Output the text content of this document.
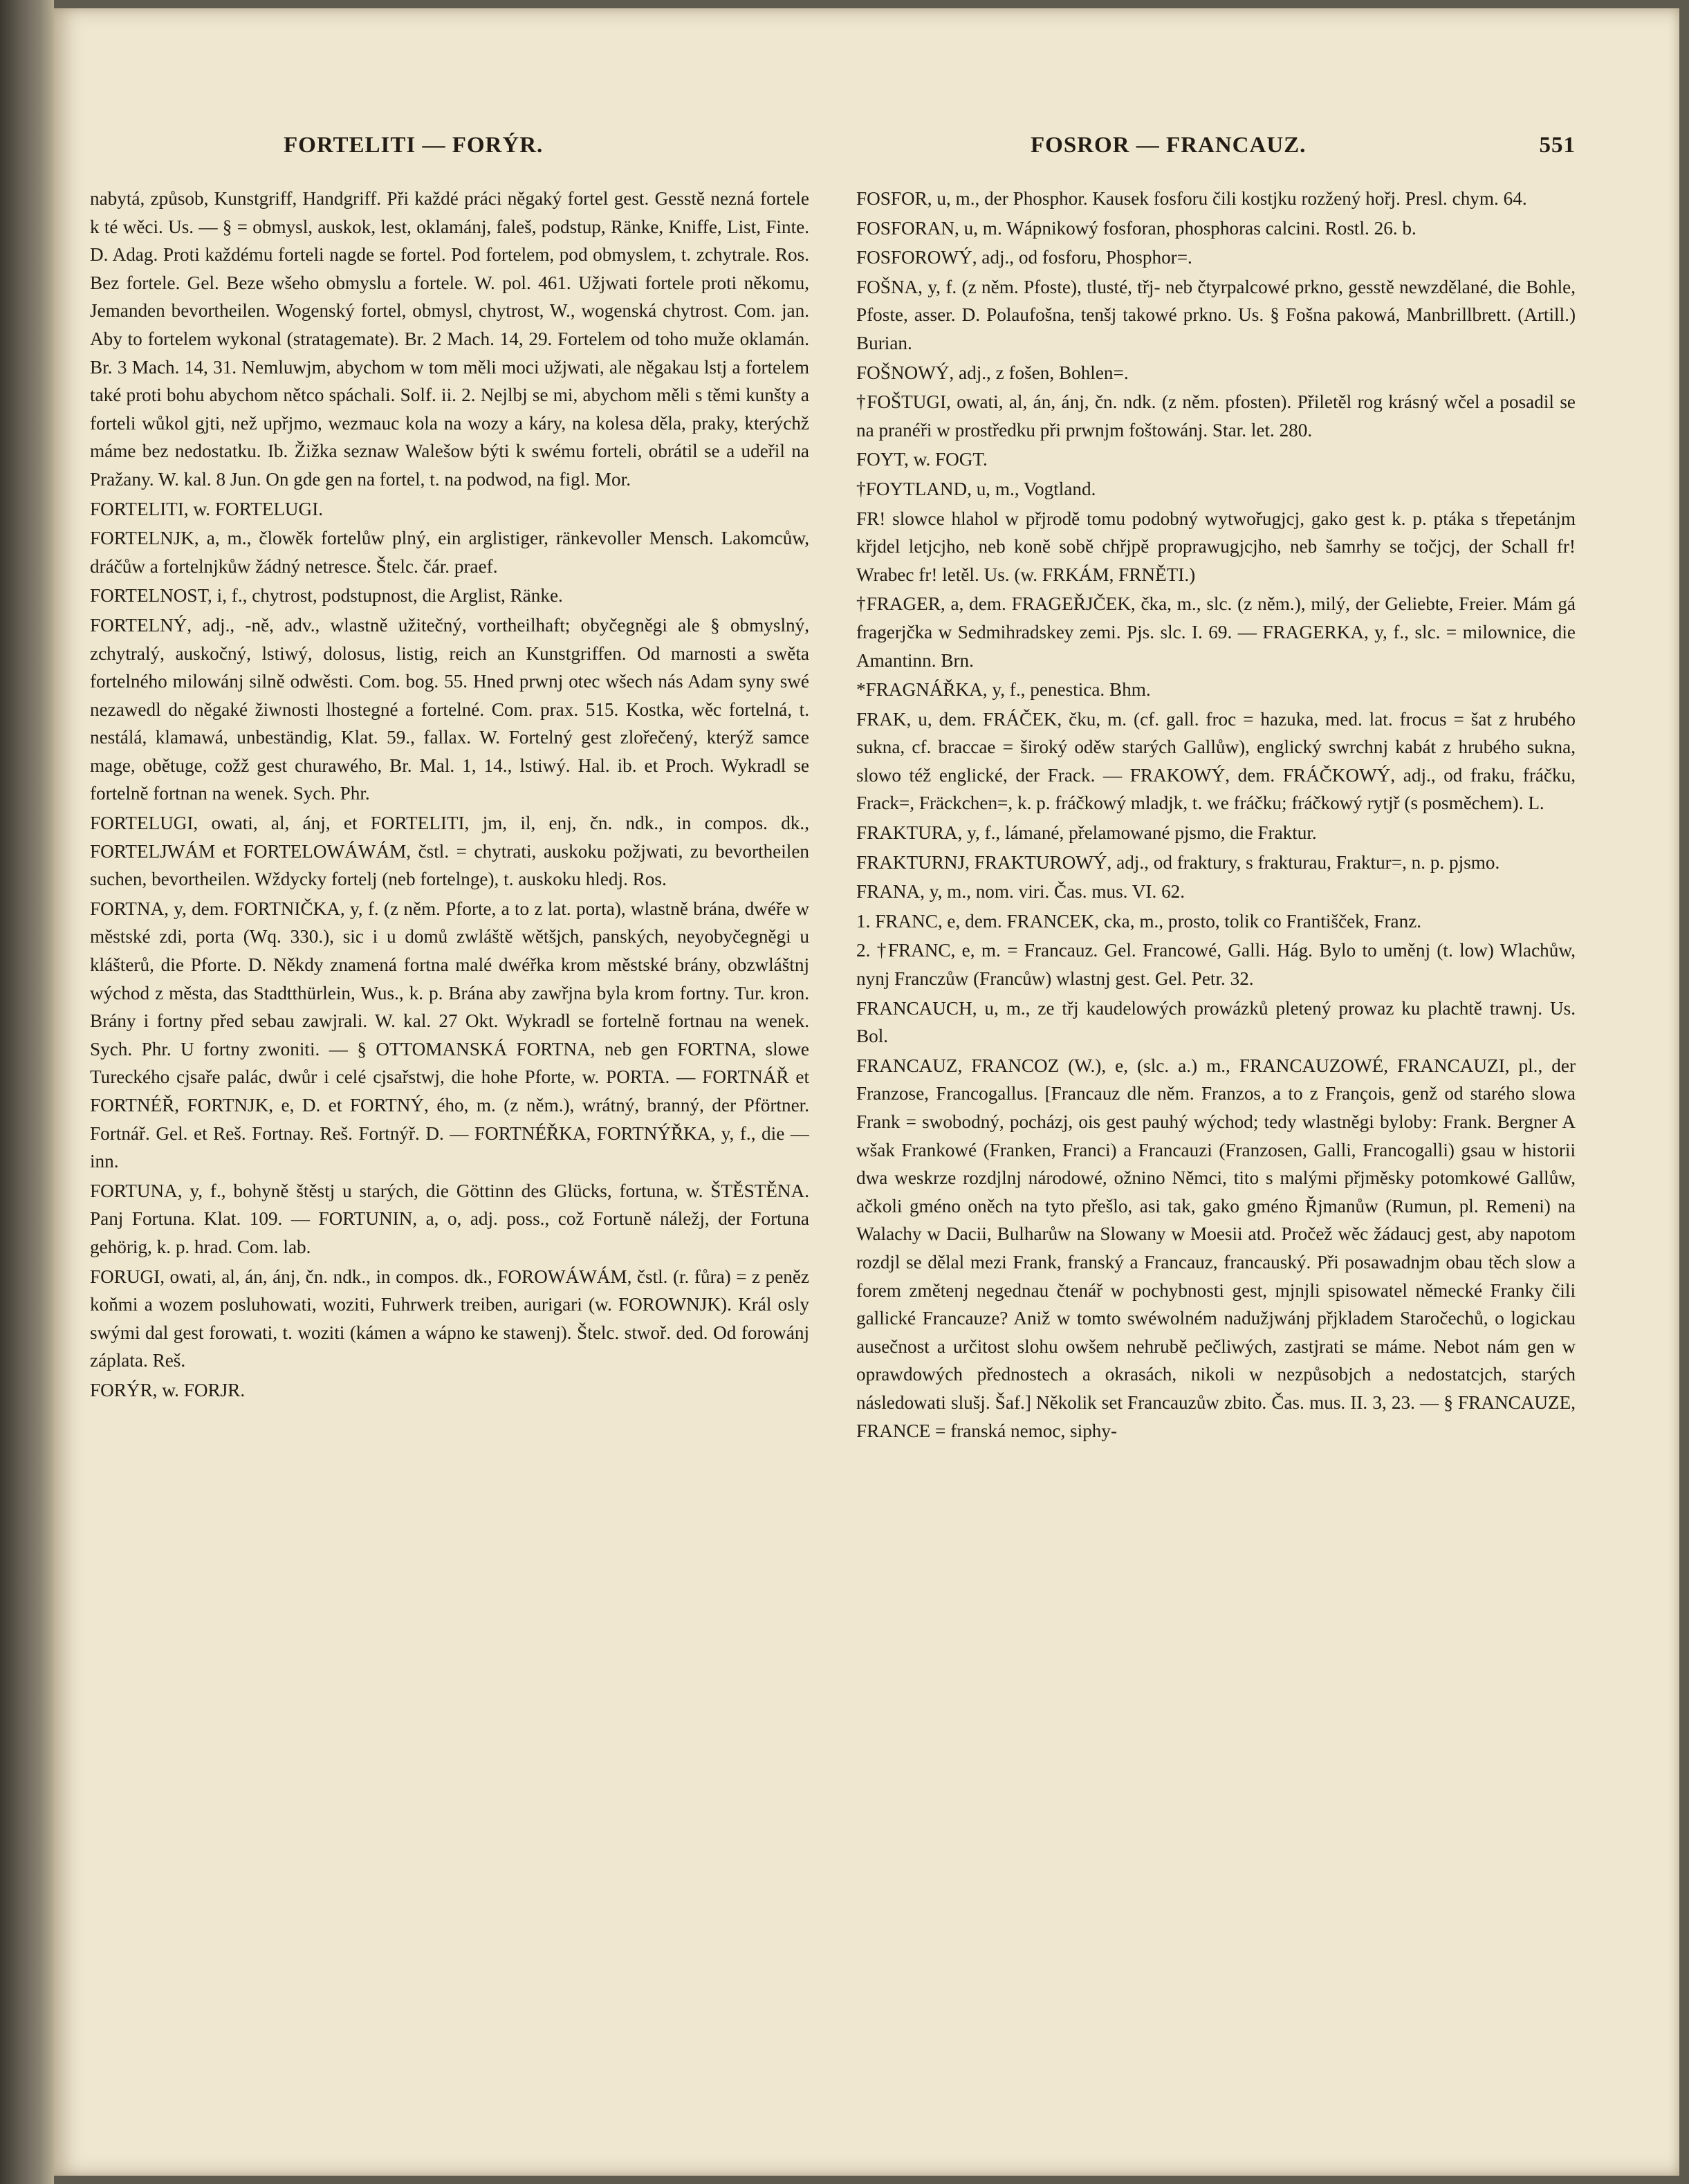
FORTELITI — FORÝR.	FOSROR — FRANCAUZ.	551

nabytá, způsob, Kunstgriff, Handgriff. Při každé práci něgaký fortel gest. Gesstě nezná fortele k té wěci. Us. — § = obmysl, auskok, lest, oklamánj, faleš, podstup, Ränke, Kniffe, List, Finte. D. Adag. Proti každému forteli nagde se fortel. Pod fortelem, pod obmyslem, t. zchytrale. Ros. Bez fortele. Gel. Beze wšeho obmyslu a fortele. W. pol. 461. Užjwati fortele proti někomu, Jemanden bevortheilen. Wogenský fortel, obmysl, chytrost, W., wogenská chytrost. Com. jan. Aby to fortelem wykonal (stratagemate). Br. 2 Mach. 14, 29. Fortelem od toho muže oklamán. Br. 3 Mach. 14, 31. Nemluwjm, abychom w tom měli moci užjwati, ale něgakau lstj a fortelem také proti bohu abychom nětco spáchali. Solf. ii. 2. Nejlbj se mi, abychom měli s těmi kunšty a forteli wůkol gjti, než upřjmo, wezmauc kola na wozy a káry, na kolesa děla, praky, kterýchž máme bez nedostatku. Ib. Žižka seznaw Walešow býti k swému forteli, obrátil se a udeřil na Pražany. W. kal. 8 Jun. On gde gen na fortel, t. na podwod, na figl. Mor.

FORTELITI, w. FORTELUGI.

FORTELNJK, a, m., člowěk fortelůw plný, ein arglistiger, ränkevoller Mensch. Lakomcůw, dráčůw a fortelnjkůw žádný netresce. Štelc. čár. praef.

FORTELNOST, i, f., chytrost, podstupnost, die Arglist, Ränke.

FORTELNÝ, adj., -ně, adv., wlastně užitečný, vortheilhaft; obyčegněgi ale § obmyslný, zchytralý, auskočný, lstiwý, dolosus, listig, reich an Kunstgriffen. Od marnosti a swěta fortelného milowánj silně odwěsti. Com. bog. 55. Hned prwnj otec wšech nás Adam syny swé nezawedl do něgaké žiwnosti lhostegné a fortelné. Com. prax. 515. Kostka, wěc fortelná, t. nestálá, klamawá, unbeständig, Klat. 59., fallax. W. Fortelný gest zlořečený, kterýž samce mage, obětuge, cožž gest churawého, Br. Mal. 1, 14., lstiwý. Hal. ib. et Proch. Wykradl se fortelně fortnan na wenek. Sych. Phr.

FORTELUGI, owati, al, ánj, et FORTELITI, jm, il, enj, čn. ndk., in compos. dk., FORTELJWÁM et FORTELOWÁWÁM, čstl. = chytrati, auskoku požjwati, zu bevortheilen suchen, bevortheilen. Wždycky fortelj (neb fortelnge), t. auskoku hledj. Ros.

FORTNA, y, dem. FORTNIČKA, y, f. (z něm. Pforte, a to z lat. porta), wlastně brána, dwéře w městské zdi, porta (Wq. 330.), sic i u domů zwláště wětšjch, panských, neyobyčegněgi u klášterů, die Pforte. D. Někdy znamená fortna malé dwéřka krom městské brány, obzwláštnj wýchod z města, das Stadtthürlein, Wus., k. p. Brána aby zawřjna byla krom fortny. Tur. kron. Brány i fortny před sebau zawjrali. W. kal. 27 Okt. Wykradl se fortelně fortnau na wenek. Sych. Phr. U fortny zwoniti. — § OTTOMANSKÁ FORTNA, neb gen FORTNA, slowe Tureckého cjsaře palác, dwůr i celé cjsařstwj, die hohe Pforte, w. PORTA. — FORTNÁŘ et FORTNÉŘ, FORTNJK, e, D. et FORTNÝ, ého, m. (z něm.), wrátný, branný, der Pförtner. Fortnář. Gel. et Reš. Fortnay. Reš. Fortnýř. D. — FORTNÉŘKA, FORTNÝŘKA, y, f., die —inn.

FORTUNA, y, f., bohyně štěstj u starých, die Göttinn des Glücks, fortuna, w. ŠTĚSTĚNA. Panj Fortuna. Klat. 109. — FORTUNIN, a, o, adj. poss., což Fortuně náležj, der Fortuna gehörig, k. p. hrad. Com. lab.

FORUGI, owati, al, án, ánj, čn. ndk., in compos. dk., FOROWÁWÁM, čstl. (r. fůra) = z peněz koňmi a wozem posluhowati, woziti, Fuhrwerk treiben, aurigari (w. FOROWNJK). Král osly swými dal gest forowati, t. woziti (kámen a wápno ke stawenj). Štelc. stwoř. ded. Od forowánj záplata. Reš.

FORÝR, w. FORJR.

FOSFOR, u, m., der Phosphor. Kausek fosforu čili kostjku rozžený hořj. Presl. chym. 64.

FOSFORAN, u, m. Wápnikowý fosforan, phosphoras calcini. Rostl. 26. b.

FOSFOROWÝ, adj., od fosforu, Phosphor=.

FOŠNA, y, f. (z něm. Pfoste), tlusté, třj- neb čtyrpalcowé prkno, gesstě newzdělané, die Bohle, Pfoste, asser. D. Polaufošna, tenšj takowé prkno. Us. § Fošna pakowá, Manbrillbrett. (Artill.) Burian.

FOŠNOWÝ, adj., z fošen, Bohlen=.

†FOŠTUGI, owati, al, án, ánj, čn. ndk. (z něm. pfosten). Přiletěl rog krásný wčel a posadil se na pranéři w prostředku při prwnjm foštowánj. Star. let. 280.

FOYT, w. FOGT.

†FOYTLAND, u, m., Vogtland.

FR! slowce hlahol w přjrodě tomu podobný wytwořugjcj, gako gest k. p. ptáka s třepetánjm křjdel letjcjho, neb koně sobě chřjpě proprawugjcjho, neb šamrhy se točjcj, der Schall fr! Wrabec fr! letěl. Us. (w. FRKÁM, FRNĚTI.)

†FRAGER, a, dem. FRAGEŘJČEK, čka, m., slc. (z něm.), milý, der Geliebte, Freier. Mám gá fragerjčka w Sedmihradskey zemi. Pjs. slc. I. 69. — FRAGERKA, y, f., slc. = milownice, die Amantinn. Brn.

*FRAGNÁŘKA, y, f., penestica. Bhm.

FRAK, u, dem. FRÁČEK, čku, m. (cf. gall. froc = hazuka, med. lat. frocus = šat z hrubého sukna, cf. braccae = široký oděw starých Gallůw), englický swrchnj kabát z hrubého sukna, slowo též englické, der Frack. — FRAKOWÝ, dem. FRÁČKOWÝ, adj., od fraku, fráčku, Frack=, Fräckchen=, k. p. fráčkowý mladjk, t. we fráčku; fráčkowý rytjř (s posměchem). L.

FRAKTURA, y, f., lámané, přelamowané pjsmo, die Fraktur.

FRAKTURNJ, FRAKTUROWÝ, adj., od fraktury, s frakturau, Fraktur=, n. p. pjsmo.

FRANA, y, m., nom. viri. Čas. mus. VI. 62.

1. FRANC, e, dem. FRANCEK, cka, m., prosto, tolik co Františček, Franz.

2. †FRANC, e, m. = Francauz. Gel. Francowé, Galli. Hág. Bylo to uměnj (t. low) Wlachůw, nynj Franczůw (Francůw) wlastnj gest. Gel. Petr. 32.

FRANCAUCH, u, m., ze třj kaudelowých prowázků pletený prowaz ku plachtě trawnj. Us. Bol.

FRANCAUZ, FRANCOZ (W.), e, (slc. a.) m., FRANCAUZOWÉ, FRANCAUZI, pl., der Franzose, Francogallus. [Francauz dle něm. Franzos, a to z François, genž od starého slowa Frank = swobodný, pocházj, ois gest pauhý wýchod; tedy wlastněgi byloby: Frank. Bergner A wšak Frankowé (Franken, Franci) a Francauzi (Franzosen, Galli, Francogalli) gsau w historii dwa weskrze rozdjlnj národowé, ožnino Němci, tito s malými přjměsky potomkowé Gallůw, ačkoli gméno oněch na tyto přešlo, asi tak, gako gméno Řjmanůw (Rumun, pl. Remeni) na Walachy w Dacii, Bulharůw na Slowany w Moesii atd. Pročež wěc žádaucj gest, aby napotom rozdjl se dělal mezi Frank, franský a Francauz, francauský. Při posawadnjm obau těch slow a forem změtenj negednau čtenář w pochybnosti gest, mjnjli spisowatel německé Franky čili gallické Francauze? Aniž w tomto swéwolném nadužjwánj přjkladem Staročechů, o logickau ausečnost a určitost slohu owšem nehrubě pečliwých, zastjrati se máme. Nebot nám gen w oprawdowých přednostech a okrasách, nikoli w nezpůsobjch a nedostatcjch, starých následowati slušj. Šaf.] Několik set Francauzůw zbito. Čas. mus. II. 3, 23. — § FRANCAUZE, FRANCE = franská nemoc, siphy-
